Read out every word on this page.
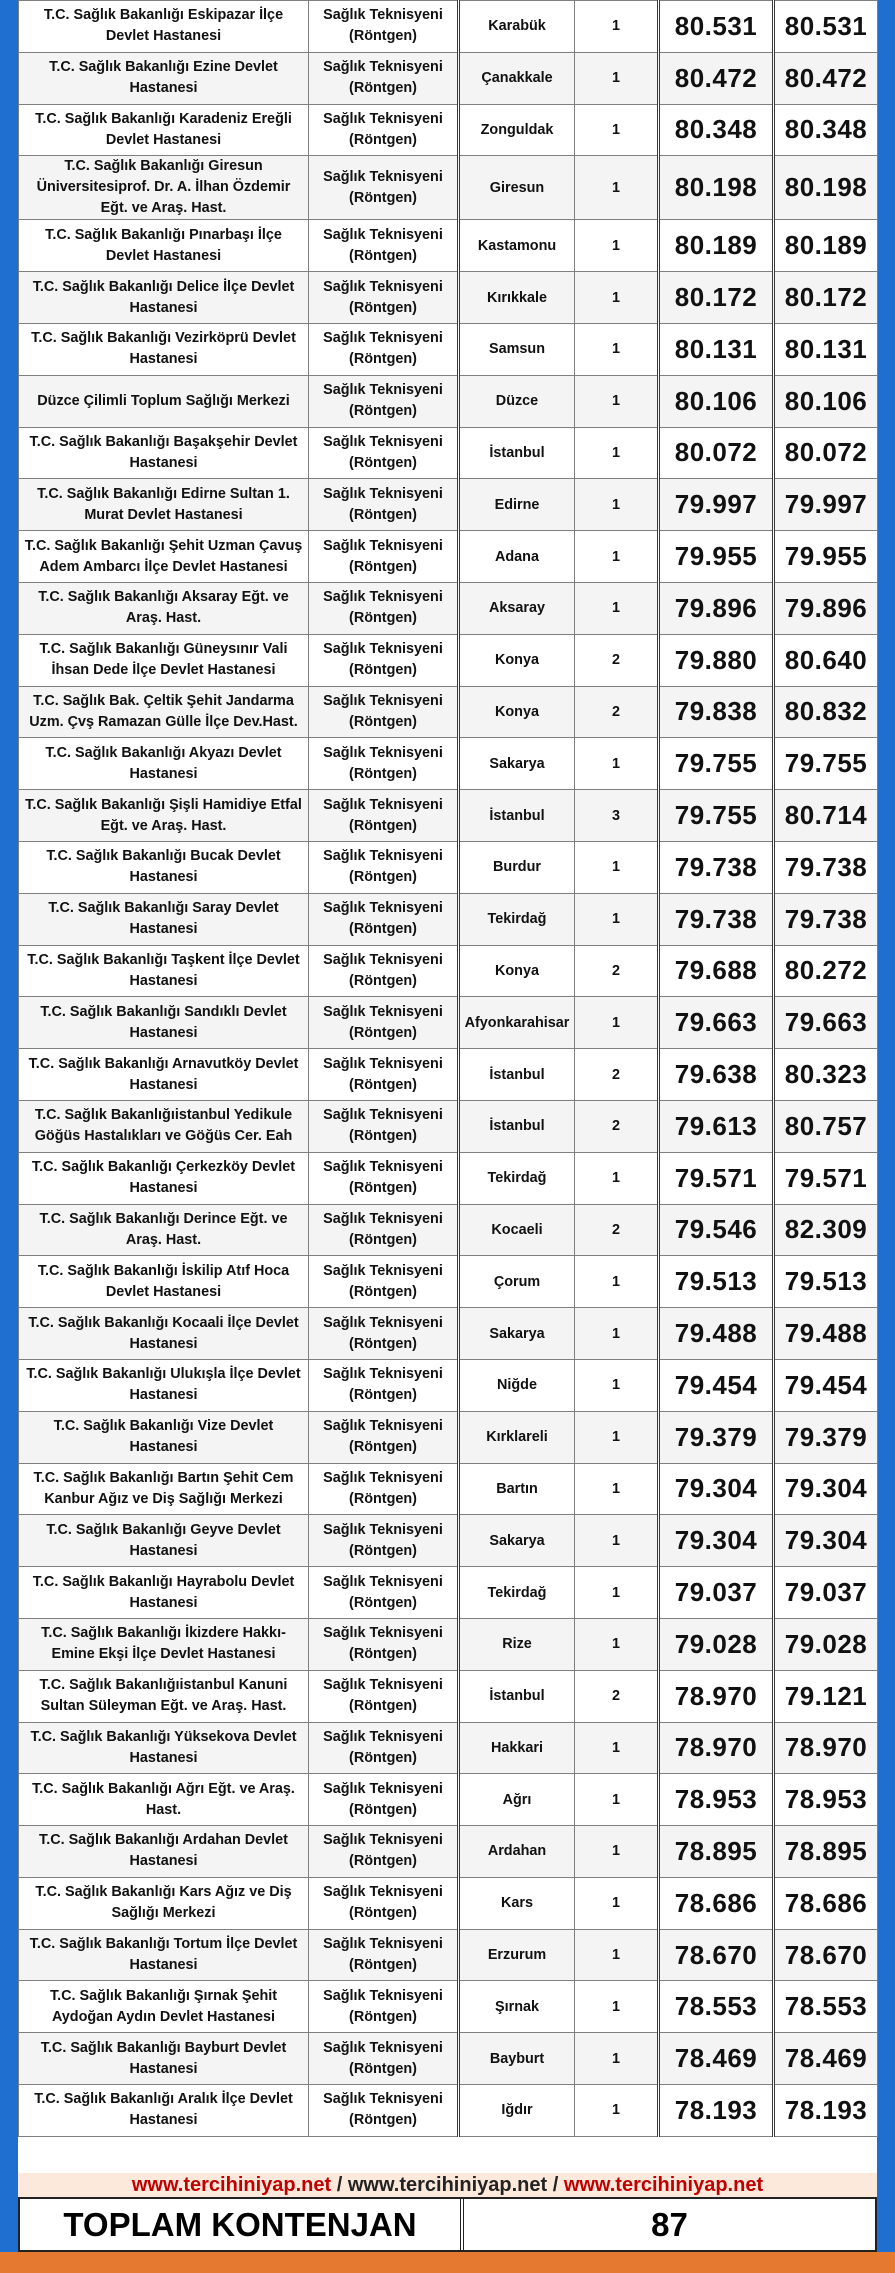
T.C. Sağlık Bakanlığı Eskipazar İlçe Devlet Hastanesi	Sağlık Teknisyeni (Röntgen)	Karabük	1	80.531	80.531
T.C. Sağlık Bakanlığı Ezine Devlet Hastanesi	Sağlık Teknisyeni (Röntgen)	Çanakkale	1	80.472	80.472
T.C. Sağlık Bakanlığı Karadeniz Ereğli Devlet Hastanesi	Sağlık Teknisyeni (Röntgen)	Zonguldak	1	80.348	80.348
T.C. Sağlık Bakanlığı Giresun Üniversitesiprof. Dr. A. İlhan Özdemir Eğt. ve Araş. Hast.	Sağlık Teknisyeni (Röntgen)	Giresun	1	80.198	80.198
T.C. Sağlık Bakanlığı Pınarbaşı İlçe Devlet Hastanesi	Sağlık Teknisyeni (Röntgen)	Kastamonu	1	80.189	80.189
T.C. Sağlık Bakanlığı Delice İlçe Devlet Hastanesi	Sağlık Teknisyeni (Röntgen)	Kırıkkale	1	80.172	80.172
T.C. Sağlık Bakanlığı Vezirköprü Devlet Hastanesi	Sağlık Teknisyeni (Röntgen)	Samsun	1	80.131	80.131
Düzce Çilimli Toplum Sağlığı Merkezi	Sağlık Teknisyeni (Röntgen)	Düzce	1	80.106	80.106
T.C. Sağlık Bakanlığı Başakşehir Devlet Hastanesi	Sağlık Teknisyeni (Röntgen)	İstanbul	1	80.072	80.072
T.C. Sağlık Bakanlığı Edirne Sultan 1. Murat Devlet Hastanesi	Sağlık Teknisyeni (Röntgen)	Edirne	1	79.997	79.997
T.C. Sağlık Bakanlığı Şehit Uzman Çavuş Adem Ambarcı İlçe Devlet Hastanesi	Sağlık Teknisyeni (Röntgen)	Adana	1	79.955	79.955
T.C. Sağlık Bakanlığı Aksaray Eğt. ve Araş. Hast.	Sağlık Teknisyeni (Röntgen)	Aksaray	1	79.896	79.896
T.C. Sağlık Bakanlığı Güneysınır Vali İhsan Dede İlçe Devlet Hastanesi	Sağlık Teknisyeni (Röntgen)	Konya	2	79.880	80.640
T.C. Sağlık Bak. Çeltik Şehit Jandarma Uzm. Çvş Ramazan Gülle İlçe Dev.Hast.	Sağlık Teknisyeni (Röntgen)	Konya	2	79.838	80.832
T.C. Sağlık Bakanlığı Akyazı Devlet Hastanesi	Sağlık Teknisyeni (Röntgen)	Sakarya	1	79.755	79.755
T.C. Sağlık Bakanlığı Şişli Hamidiye Etfal Eğt. ve Araş. Hast.	Sağlık Teknisyeni (Röntgen)	İstanbul	3	79.755	80.714
T.C. Sağlık Bakanlığı Bucak Devlet Hastanesi	Sağlık Teknisyeni (Röntgen)	Burdur	1	79.738	79.738
T.C. Sağlık Bakanlığı Saray Devlet Hastanesi	Sağlık Teknisyeni (Röntgen)	Tekirdağ	1	79.738	79.738
T.C. Sağlık Bakanlığı Taşkent İlçe Devlet Hastanesi	Sağlık Teknisyeni (Röntgen)	Konya	2	79.688	80.272
T.C. Sağlık Bakanlığı Sandıklı Devlet Hastanesi	Sağlık Teknisyeni (Röntgen)	Afyonkarahisar	1	79.663	79.663
T.C. Sağlık Bakanlığı Arnavutköy Devlet Hastanesi	Sağlık Teknisyeni (Röntgen)	İstanbul	2	79.638	80.323
T.C. Sağlık Bakanlığıistanbul Yedikule Göğüs Hastalıkları ve Göğüs Cer. Eah	Sağlık Teknisyeni (Röntgen)	İstanbul	2	79.613	80.757
T.C. Sağlık Bakanlığı Çerkezköy Devlet Hastanesi	Sağlık Teknisyeni (Röntgen)	Tekirdağ	1	79.571	79.571
T.C. Sağlık Bakanlığı Derince Eğt. ve Araş. Hast.	Sağlık Teknisyeni (Röntgen)	Kocaeli	2	79.546	82.309
T.C. Sağlık Bakanlığı İskilip Atıf Hoca Devlet Hastanesi	Sağlık Teknisyeni (Röntgen)	Çorum	1	79.513	79.513
T.C. Sağlık Bakanlığı Kocaali İlçe Devlet Hastanesi	Sağlık Teknisyeni (Röntgen)	Sakarya	1	79.488	79.488
T.C. Sağlık Bakanlığı Ulukışla İlçe Devlet Hastanesi	Sağlık Teknisyeni (Röntgen)	Niğde	1	79.454	79.454
T.C. Sağlık Bakanlığı Vize Devlet Hastanesi	Sağlık Teknisyeni (Röntgen)	Kırklareli	1	79.379	79.379
T.C. Sağlık Bakanlığı Bartın Şehit Cem Kanbur Ağız ve Diş Sağlığı Merkezi	Sağlık Teknisyeni (Röntgen)	Bartın	1	79.304	79.304
T.C. Sağlık Bakanlığı Geyve Devlet Hastanesi	Sağlık Teknisyeni (Röntgen)	Sakarya	1	79.304	79.304
T.C. Sağlık Bakanlığı Hayrabolu Devlet Hastanesi	Sağlık Teknisyeni (Röntgen)	Tekirdağ	1	79.037	79.037
T.C. Sağlık Bakanlığı İkizdere Hakkı-Emine Ekşi İlçe Devlet Hastanesi	Sağlık Teknisyeni (Röntgen)	Rize	1	79.028	79.028
T.C. Sağlık Bakanlığıistanbul Kanuni Sultan Süleyman Eğt. ve Araş. Hast.	Sağlık Teknisyeni (Röntgen)	İstanbul	2	78.970	79.121
T.C. Sağlık Bakanlığı Yüksekova Devlet Hastanesi	Sağlık Teknisyeni (Röntgen)	Hakkari	1	78.970	78.970
T.C. Sağlık Bakanlığı Ağrı Eğt. ve Araş. Hast.	Sağlık Teknisyeni (Röntgen)	Ağrı	1	78.953	78.953
T.C. Sağlık Bakanlığı Ardahan Devlet Hastanesi	Sağlık Teknisyeni (Röntgen)	Ardahan	1	78.895	78.895
T.C. Sağlık Bakanlığı Kars Ağız ve Diş Sağlığı Merkezi	Sağlık Teknisyeni (Röntgen)	Kars	1	78.686	78.686
T.C. Sağlık Bakanlığı Tortum İlçe Devlet Hastanesi	Sağlık Teknisyeni (Röntgen)	Erzurum	1	78.670	78.670
T.C. Sağlık Bakanlığı Şırnak Şehit Aydoğan Aydın Devlet Hastanesi	Sağlık Teknisyeni (Röntgen)	Şırnak	1	78.553	78.553
T.C. Sağlık Bakanlığı Bayburt Devlet Hastanesi	Sağlık Teknisyeni (Röntgen)	Bayburt	1	78.469	78.469
T.C. Sağlık Bakanlığı Aralık İlçe Devlet Hastanesi	Sağlık Teknisyeni (Röntgen)	Iğdır	1	78.193	78.193
www.tercihiniyap.net / www.tercihiniyap.net / www.tercihiniyap.net
TOPLAM KONTENJAN	87
